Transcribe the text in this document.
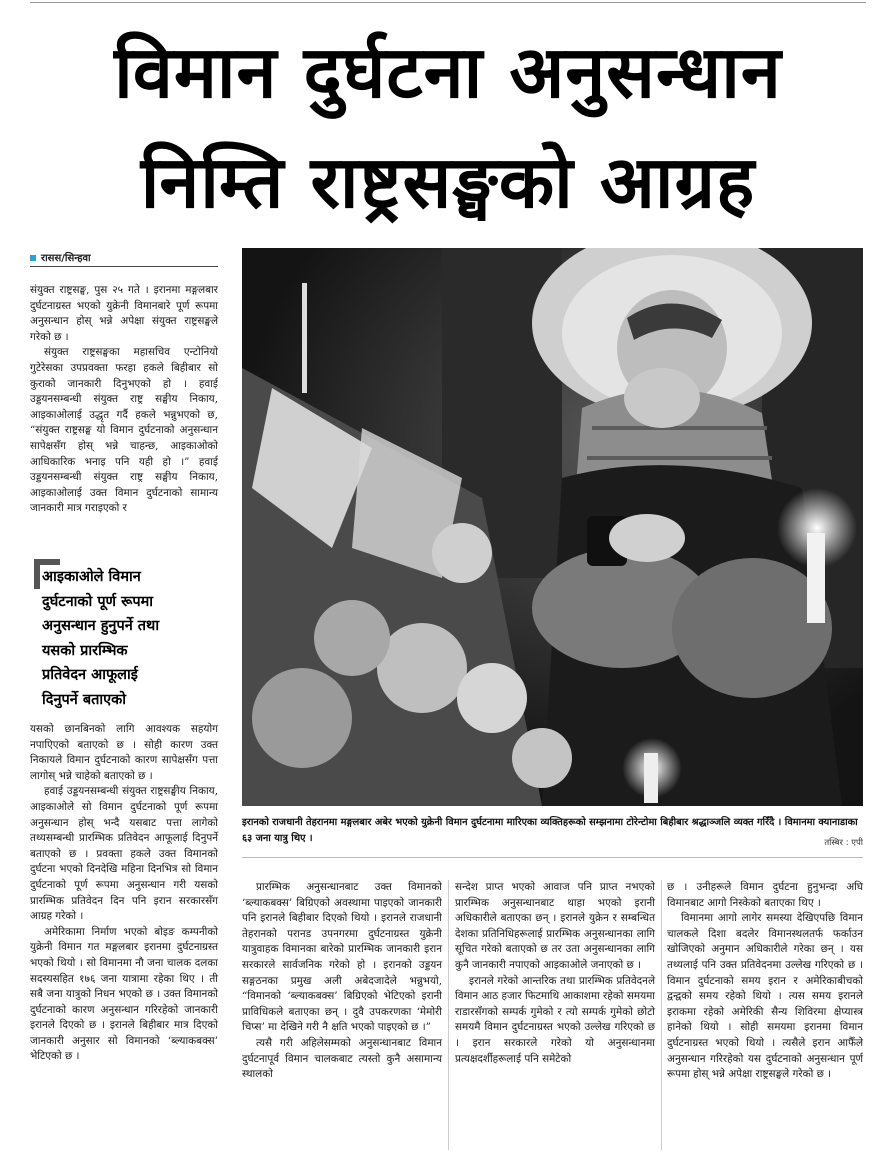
विमान दुर्घटना अनुसन्धान
निम्ति राष्ट्रसङ्घको आग्रह
रासस/सिन्हवा

संयुक्त राष्ट्रसङ्घ, पुस २५ गते । इरानमा मङ्गलबार दुर्घटनाग्रस्त भएको युक्रेनी विमानबारे पूर्ण रूपमा अनुसन्धान होस् भन्ने अपेक्षा संयुक्त राष्ट्रसङ्घले गरेको छ ।

संयुक्त राष्ट्रसङ्घका महासचिव एन्टोनियो गुटेरेसका उपप्रवक्ता फरहा हकले बिहीबार सो कुराको जानकारी दिनुभएको हो । हवाई उड्डयनसम्बन्धी संयुक्त राष्ट्र सङ्घीय निकाय, आइकाओलाई उद्धृत गर्दै हकले भन्नुभएको छ, “संयुक्त राष्ट्रसङ्घ यो विमान दुर्घटनाको अनुसन्धान सापेक्षसँग होस् भन्ने चाहन्छ, आइकाओको आधिकारिक भनाइ पनि यही हो ।” हवाई उड्डयनसम्बन्धी संयुक्त राष्ट्र सङ्घीय निकाय, आइकाओलाई उक्त विमान दुर्घटनाको सामान्य जानकारी मात्र गराइएको र

आइकाओले विमान
दुर्घटनाको पूर्ण रूपमा
अनुसन्धान हुनुपर्ने तथा
यसको प्रारम्भिक
प्रतिवेदन आफूलाई
दिनुपर्ने बताएको

यसको छानबिनको लागि आवश्यक सहयोग नपाएिएको बताएको छ । सोही कारण उक्त निकायले विमान दुर्घटनाको कारण सापेक्षसँग पत्ता लागोस् भन्ने चाहेको बताएको छ ।

हवाई उड्डयनसम्बन्धी संयुक्त राष्ट्रसङ्घीय निकाय, आइकाओले सो विमान दुर्घटनाको पूर्ण रूपमा अनुसन्धान होस् भन्दै यसबाट पत्ता लागेको तथ्यसम्बन्धी प्रारम्भिक प्रतिवेदन आफूलाई दिनुपर्ने बताएको छ । प्रवक्ता हकले उक्त विमानको दुर्घटना भएको दिनदेखि महिना दिनभित्र सो विमान दुर्घटनाको पूर्ण रूपमा अनुसन्धान गरी यसको प्रारम्भिक प्रतिवेदन दिन पनि इरान सरकारसँग आग्रह गरेको ।

अमेरिकामा निर्माण भएको बोइङ कम्पनीको युक्रेनी विमान गत मङ्गलबार इरानमा दुर्घटनाग्रस्त भएको थियो । सो विमानमा नौ जना चालक दलका सदस्यसहित १७६ जना यात्रामा रहेका थिए । ती सबै जना यात्रुको निधन भएको छ । उक्त विमानको दुर्घटनाको कारण अनुसन्धान गरिरहेको जानकारी इरानले दिएको छ । इरानले बिहीबार मात्र दिएको जानकारी अनुसार सो विमानको ‘ब्ल्याकबक्स’ भेटिएको छ ।

इरानको राजधानी तेहरानमा मङ्गलबार अबेर भएको युक्रेनी विमान दुर्घटनामा मारिएका व्यक्तिहरूको सम्झनामा टोरेन्टोमा बिहीबार श्रद्धाञ्जलि व्यक्त गरिँदै । विमानमा क्यानाडाका ६३ जना यात्रु थिए ।	तस्बिर : एपी

प्रारम्भिक अनुसन्धानबाट उक्त विमानको ‘ब्ल्याकबक्स’ बिग्रिएको अवस्थामा पाइएको जानकारी पनि इरानले बिहीबार दिएको थियो । इरानले राजधानी तेहरानको परानड उपनगरमा दुर्घटनाग्रस्त युक्रेनी यात्रुवाहक विमानका बारेको प्रारम्भिक जानकारी इरान सरकारले सार्वजनिक गरेको हो । इरानको उड्डयन सङ्गठनका प्रमुख अली अबेदजादेले भन्नुभयो, “विमानको ‘ब्ल्याकबक्स’ बिग्रिएको भेटिएको इरानी प्राविधिकले बताएका छन् । दुवै उपकरणका ‘मेमोरी चिप्स’ मा देखिने गरी नै क्षति भएको पाइएको छ ।”

त्यसै गरी अहिलेसम्मको अनुसन्धानबाट विमान दुर्घटनापूर्व विमान चालकबाट त्यस्तो कुनै असामान्य स्थालको

सन्देश प्राप्त भएको आवाज पनि प्राप्त नभएको प्रारम्भिक अनुसन्धानबाट थाहा भएको इरानी अधिकारीले बताएका छन् । इरानले युक्रेन र सम्बन्धित देशका प्रतिनिधिहरूलाई प्रारम्भिक अनुसन्धानका लागि सूचित गरेको बताएको छ तर उता अनुसन्धानका लागि कुनै जानकारी नपाएको आइकाओले जनाएको छ ।

इरानले गरेको आन्तरिक तथा प्रारम्भिक प्रतिवेदनले विमान आठ हजार फिटमाथि आकाशमा रहेको समयमा राडारसँगको सम्पर्क गुमेको र त्यो सम्पर्क गुमेको छोटो समयमै विमान दुर्घटनाग्रस्त भएको उल्लेख गरिएको छ । इरान सरकारले गरेको यो अनुसन्धानमा प्रत्यक्षदर्शीहरूलाई पनि समेटेको

छ । उनीहरूले विमान दुर्घटना हुनुभन्दा अघि विमानबाट आगो निस्केको बताएका थिए ।

विमानमा आगो लागेर समस्या देखिएपछि विमान चालकले दिशा बदलेर विमानस्थलतर्फ फर्काउन खोजिएको अनुमान अधिकारीले गरेका छन् । यस तथ्यलाई पनि उक्त प्रतिवेदनमा उल्लेख गरिएको छ । विमान दुर्घटनाको समय इरान र अमेरिकाबीचको द्वन्द्वको समय रहेको थियो । त्यस समय इरानले इराकमा रहेको अमेरिकी सैन्य शिविरमा क्षेप्यास्त्र हानेको थियो । सोही समयमा इरानमा विमान दुर्घटनाग्रस्त भएको थियो । त्यसैले इरान आफैँले अनुसन्धान गरिरहेको यस दुर्घटनाको अनुसन्धान पूर्ण रूपमा होस् भन्ने अपेक्षा राष्ट्रसङ्घले गरेको छ ।
